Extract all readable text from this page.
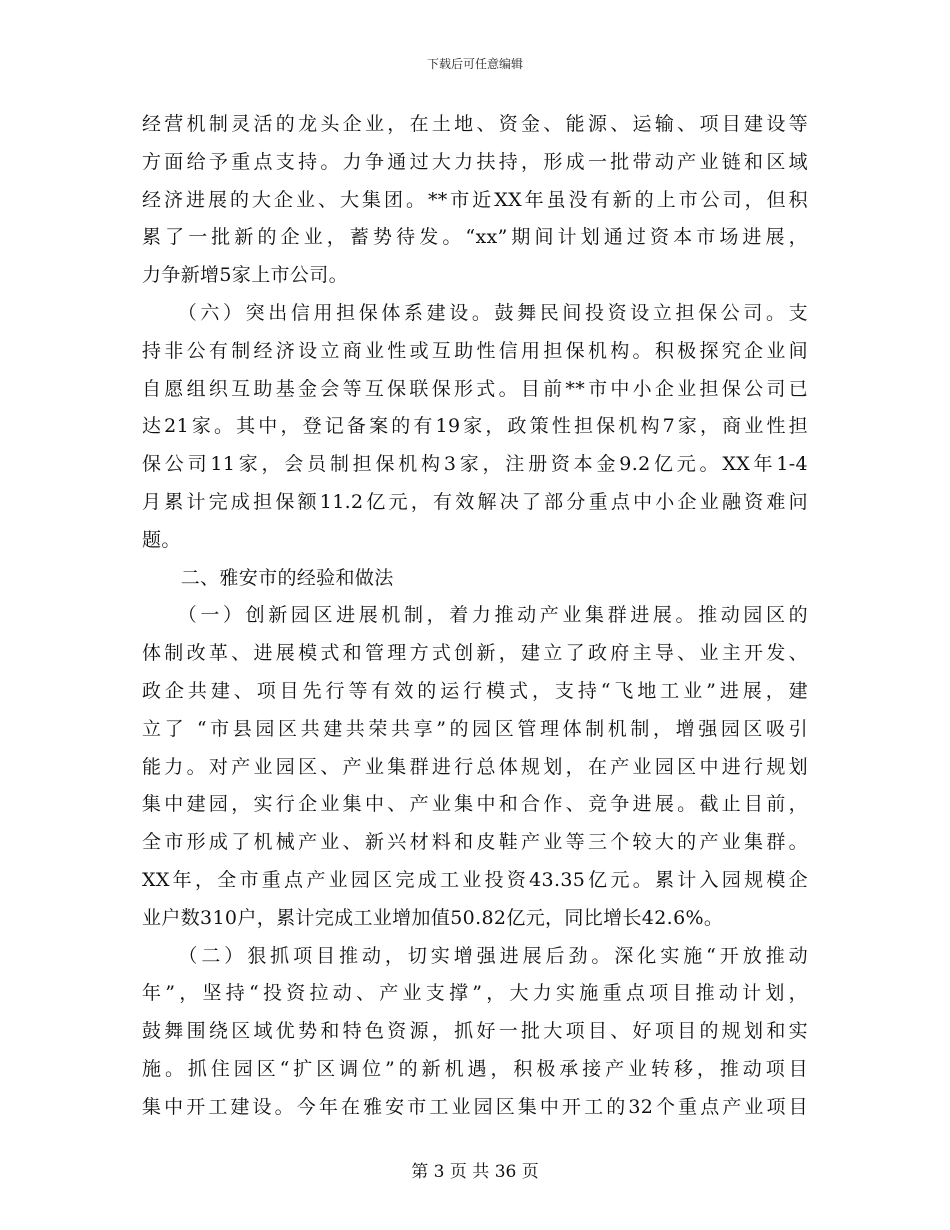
下载后可任意编辑

经营机制灵活的龙头企业，在土地、资金、能源、运输、项目建设等
方面给予重点支持。力争通过大力扶持，形成一批带动产业链和区域
经济进展的大企业、大集团。**市近XX年虽没有新的上市公司，但积
累了一批新的企业，蓄势待发。“xx”期间计划通过资本市场进展，
力争新增5家上市公司。

　　（六）突出信用担保体系建设。鼓舞民间投资设立担保公司。支
持非公有制经济设立商业性或互助性信用担保机构。积极探究企业间
自愿组织互助基金会等互保联保形式。目前**市中小企业担保公司已
达21家。其中，登记备案的有19家，政策性担保机构7家，商业性担
保公司11家，会员制担保机构3家，注册资本金9.2亿元。XX年1-4
月累计完成担保额11.2亿元，有效解决了部分重点中小企业融资难问
题。

　　二、雅安市的经验和做法

　　（一）创新园区进展机制，着力推动产业集群进展。推动园区的
体制改革、进展模式和管理方式创新，建立了政府主导、业主开发、
政企共建、项目先行等有效的运行模式，支持“飞地工业”进展，建
立了 “市县园区共建共荣共享”的园区管理体制机制，增强园区吸引
能力。对产业园区、产业集群进行总体规划，在产业园区中进行规划
集中建园，实行企业集中、产业集中和合作、竞争进展。截止目前，
全市形成了机械产业、新兴材料和皮鞋产业等三个较大的产业集群。
XX年，全市重点产业园区完成工业投资43.35亿元。累计入园规模企
业户数310户，累计完成工业增加值50.82亿元，同比增长42.6%。

　　（二）狠抓项目推动，切实增强进展后劲。深化实施“开放推动
年”，坚持“投资拉动、产业支撑”，大力实施重点项目推动计划，
鼓舞围绕区域优势和特色资源，抓好一批大项目、好项目的规划和实
施。抓住园区“扩区调位”的新机遇，积极承接产业转移，推动项目
集中开工建设。今年在雅安市工业园区集中开工的32个重点产业项目

第 3 页 共 36 页
